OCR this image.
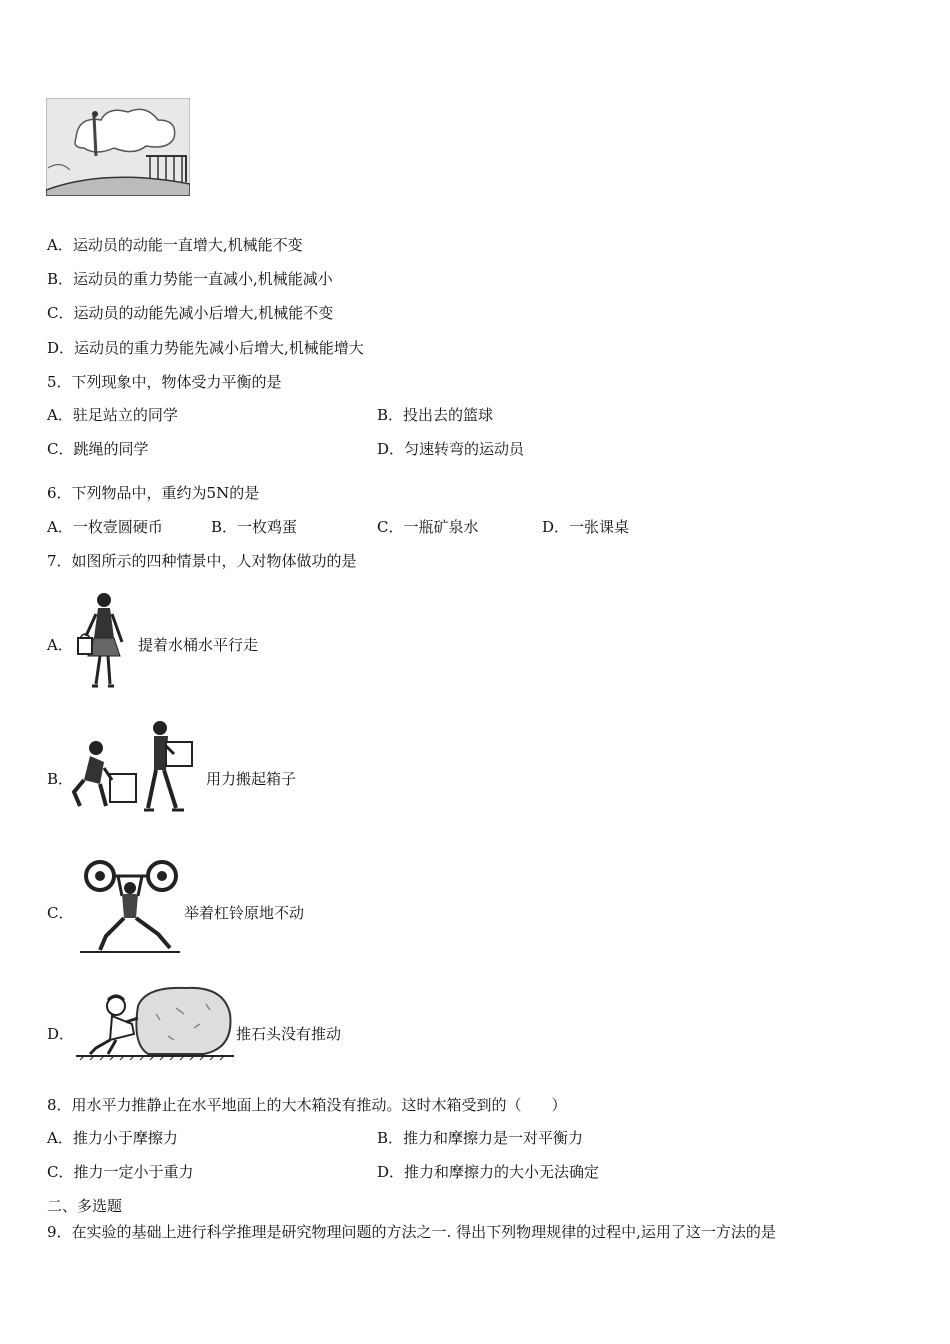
A．运动员的动能一直增大,机械能不变
B．运动员的重力势能一直减小,机械能减小
C．运动员的动能先减小后增大,机械能不变
D．运动员的重力势能先减小后增大,机械能增大
5．下列现象中，物体受力平衡的是
A．驻足站立的同学	B．投出去的篮球
C．跳绳的同学	D．匀速转弯的运动员
6．下列物品中，重约为5N的是
A．一枚壹圆硬币	B．一枚鸡蛋	C．一瓶矿泉水	D．一张课桌
7．如图所示的四种情景中，人对物体做功的是
A．	提着水桶水平行走
B．	用力搬起箱子
C．	举着杠铃原地不动
D．	推石头没有推动
8．用水平力推静止在水平地面上的大木箱没有推动。这时木箱受到的（　　）
A．推力小于摩擦力	B．推力和摩擦力是一对平衡力
C．推力一定小于重力	D．推力和摩擦力的大小无法确定
二、多选题
9．在实验的基础上进行科学推理是研究物理问题的方法之一. 得出下列物理规律的过程中,运用了这一方法的是
